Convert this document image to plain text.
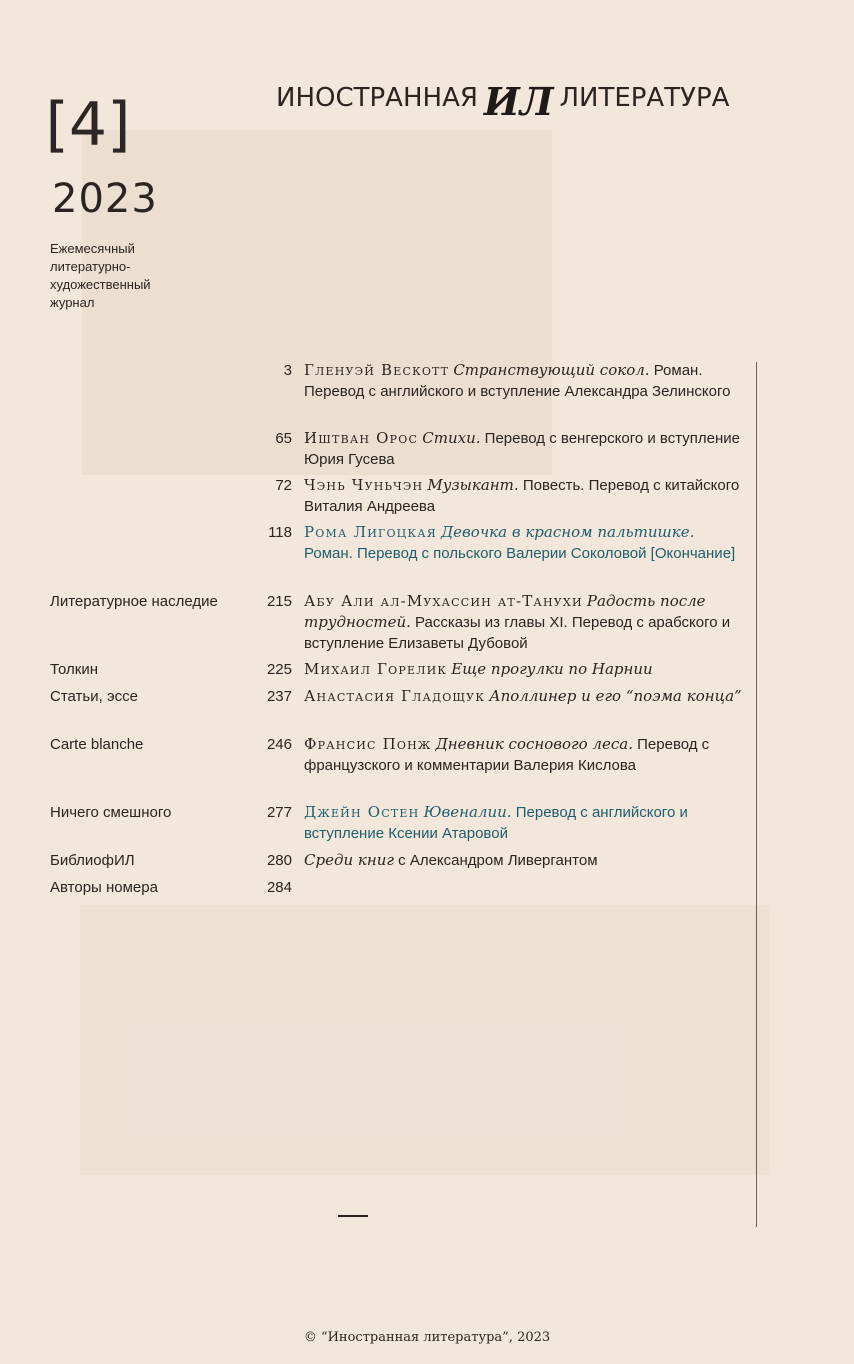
[4]
2023
Ежемесячный
литературно-
художественный
журнал
ИНОСТРАННАЯ ИЛ ЛИТЕРАТУРА
3 Гленуэй Вескотт Странствующий сокол. Роман. Перевод с английского и вступление Александра Зелинского
65 Иштван Орос Стихи. Перевод с венгерского и вступление Юрия Гусева
72 Чэнь Чуньчэн Музыкант. Повесть. Перевод с китайского Виталия Андреева
118 Рома Лигоцкая Девочка в красном пальтишке. Роман. Перевод с польского Валерии Соколовой [Окончание]
Литературное наследие	215 Абу Али ал-Мухассин ат-Танухи Радость после трудностей. Рассказы из главы XI. Перевод с арабского и вступление Елизаветы Дубовой
Толкин	225 Михаил Горелик Еще прогулки по Нарнии
Статьи, эссе	237 Анастасия Гладощук Аполлинер и его “поэма конца”
Carte blanche	246 Франсис Понж Дневник соснового леса. Перевод с французского и комментарии Валерия Кислова
Ничего смешного	277 Джейн Остен Ювеналии. Перевод с английского и вступление Ксении Атаровой
БиблиофИЛ	280 Среди книг с Александром Ливергантом
Авторы номера	284
© “Иностранная литература”, 2023
